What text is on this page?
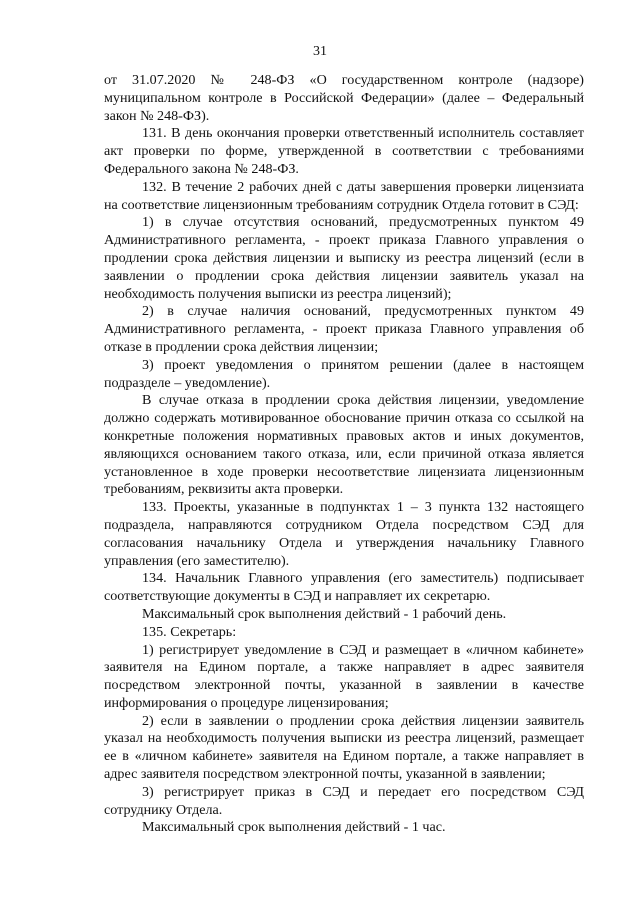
31

от 31.07.2020 № 248-ФЗ «О государственном контроле (надзоре) муниципальном контроле в Российской Федерации» (далее – Федеральный закон № 248-ФЗ).

131. В день окончания проверки ответственный исполнитель составляет акт проверки по форме, утвержденной в соответствии с требованиями Федерального закона № 248-ФЗ.

132. В течение 2 рабочих дней с даты завершения проверки лицензиата на соответствие лицензионным требованиям сотрудник Отдела готовит в СЭД:

1) в случае отсутствия оснований, предусмотренных пунктом 49 Административного регламента, - проект приказа Главного управления о продлении срока действия лицензии и выписку из реестра лицензий (если в заявлении о продлении срока действия лицензии заявитель указал на необходимость получения выписки из реестра лицензий);

2) в случае наличия оснований, предусмотренных пунктом 49 Административного регламента, - проект приказа Главного управления об отказе в продлении срока действия лицензии;

3) проект уведомления о принятом решении (далее в настоящем подразделе – уведомление).

В случае отказа в продлении срока действия лицензии, уведомление должно содержать мотивированное обоснование причин отказа со ссылкой на конкретные положения нормативных правовых актов и иных документов, являющихся основанием такого отказа, или, если причиной отказа является установленное в ходе проверки несоответствие лицензиата лицензионным требованиям, реквизиты акта проверки.

133. Проекты, указанные в подпунктах 1 – 3 пункта 132 настоящего подраздела, направляются сотрудником Отдела посредством СЭД для согласования начальнику Отдела и утверждения начальнику Главного управления (его заместителю).

134. Начальник Главного управления (его заместитель) подписывает соответствующие документы в СЭД и направляет их секретарю.

Максимальный срок выполнения действий - 1 рабочий день.

135. Секретарь:

1) регистрирует уведомление в СЭД и размещает в «личном кабинете» заявителя на Едином портале, а также направляет в адрес заявителя посредством электронной почты, указанной в заявлении в качестве информирования о процедуре лицензирования;

2) если в заявлении о продлении срока действия лицензии заявитель указал на необходимость получения выписки из реестра лицензий, размещает ее в «личном кабинете» заявителя на Едином портале, а также направляет в адрес заявителя посредством электронной почты, указанной в заявлении;

3) регистрирует приказ в СЭД и передает его посредством СЭД сотруднику Отдела.

Максимальный срок выполнения действий - 1 час.
